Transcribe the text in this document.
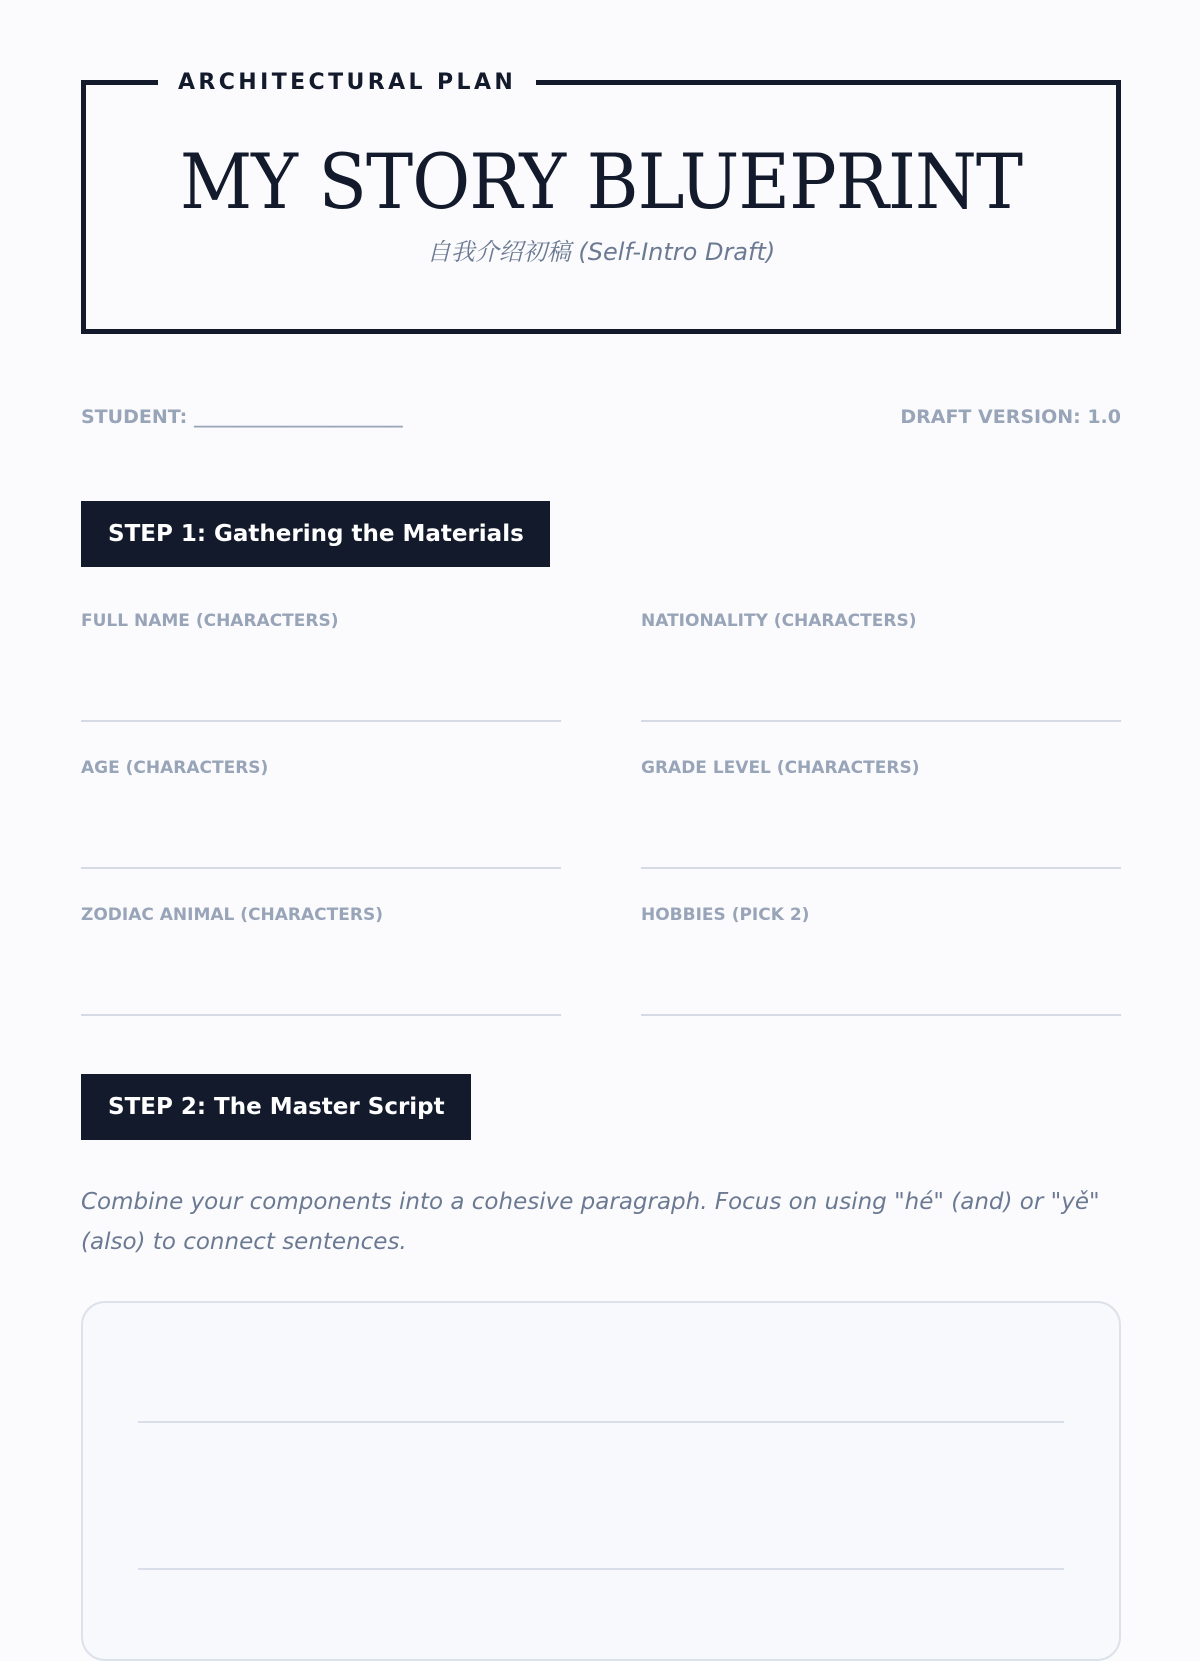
ARCHITECTURAL PLAN
MY STORY BLUEPRINT
自我介绍初稿 (Self-Intro Draft)
STUDENT: ______________________	DRAFT VERSION: 1.0
STEP 1: Gathering the Materials
FULL NAME (CHARACTERS)	NATIONALITY (CHARACTERS)
AGE (CHARACTERS)	GRADE LEVEL (CHARACTERS)
ZODIAC ANIMAL (CHARACTERS)	HOBBIES (PICK 2)
STEP 2: The Master Script
Combine your components into a cohesive paragraph. Focus on using "hé" (and) or "yě" (also) to connect sentences.
